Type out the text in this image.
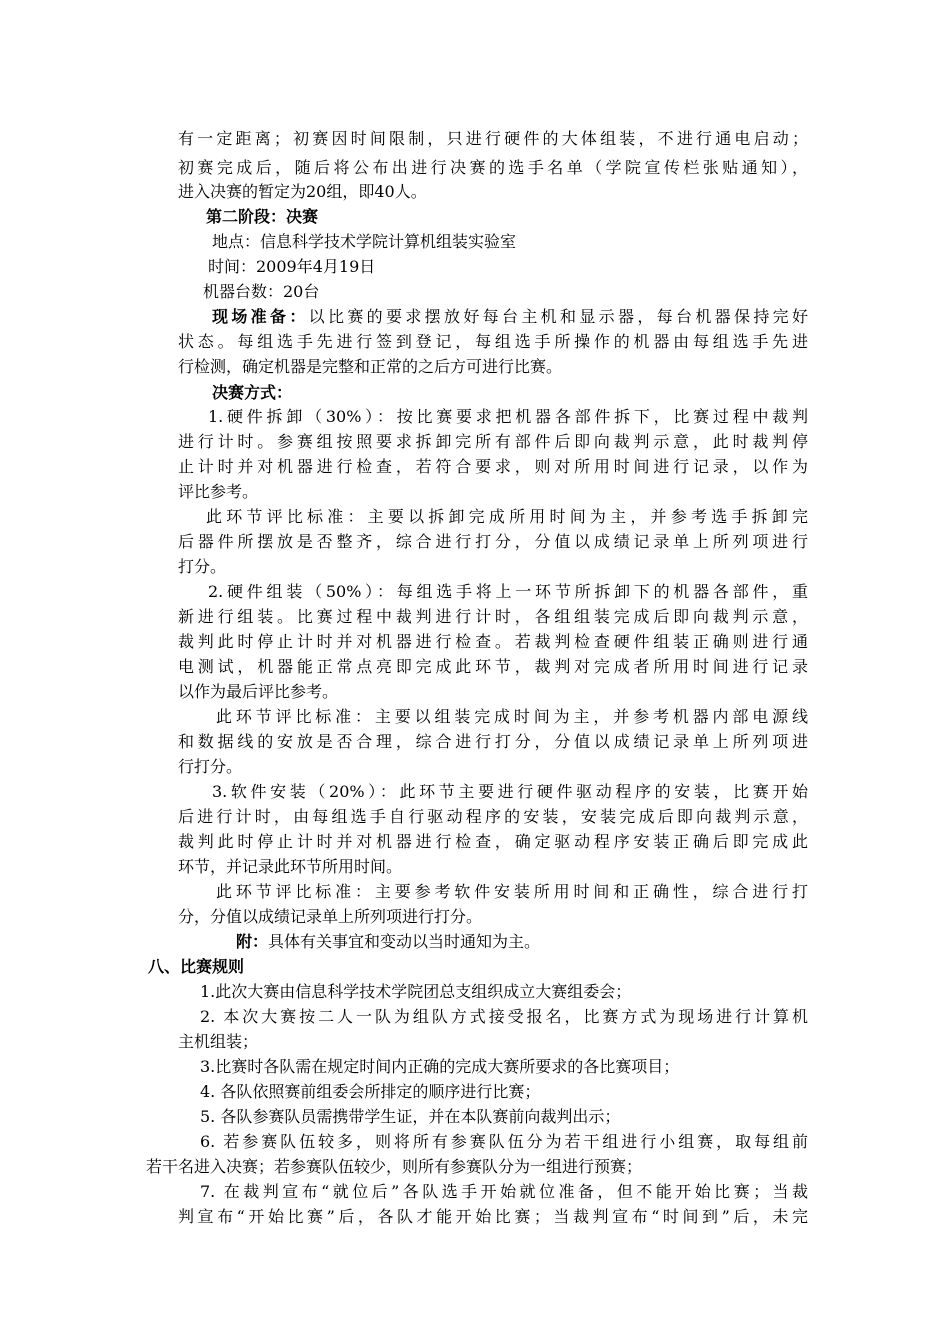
有一定距离；初赛因时间限制，只进行硬件的大体组装，不进行通电启动；
初赛完成后，随后将公布出进行决赛的选手名单（学院宣传栏张贴通知），
进入决赛的暂定为20组，即40人。
第二阶段：决赛
地点：信息科学技术学院计算机组装实验室
时间：2009年4月19日
机器台数：20台
现场准备：以比赛的要求摆放好每台主机和显示器，每台机器保持完好
状态。每组选手先进行签到登记，每组选手所操作的机器由每组选手先进
行检测，确定机器是完整和正常的之后方可进行比赛。
决赛方式：
1.硬件拆卸（30%）：按比赛要求把机器各部件拆下，比赛过程中裁判
进行计时。参赛组按照要求拆卸完所有部件后即向裁判示意，此时裁判停
止计时并对机器进行检查，若符合要求，则对所用时间进行记录，以作为
评比参考。
此环节评比标准：主要以拆卸完成所用时间为主，并参考选手拆卸完
后器件所摆放是否整齐，综合进行打分，分值以成绩记录单上所列项进行
打分。
2.硬件组装（50%）：每组选手将上一环节所拆卸下的机器各部件，重
新进行组装。比赛过程中裁判进行计时，各组组装完成后即向裁判示意，
裁判此时停止计时并对机器进行检查。若裁判检查硬件组装正确则进行通
电测试，机器能正常点亮即完成此环节，裁判对完成者所用时间进行记录
以作为最后评比参考。
此环节评比标准：主要以组装完成时间为主，并参考机器内部电源线
和数据线的安放是否合理，综合进行打分，分值以成绩记录单上所列项进
行打分。
3.软件安装（20%）：此环节主要进行硬件驱动程序的安装，比赛开始
后进行计时，由每组选手自行驱动程序的安装，安装完成后即向裁判示意，
裁判此时停止计时并对机器进行检查，确定驱动程序安装正确后即完成此
环节，并记录此环节所用时间。
此环节评比标准：主要参考软件安装所用时间和正确性，综合进行打
分，分值以成绩记录单上所列项进行打分。
附：具体有关事宜和变动以当时通知为主。
八、比赛规则
1.此次大赛由信息科学技术学院团总支组织成立大赛组委会；
2. 本次大赛按二人一队为组队方式接受报名，比赛方式为现场进行计算机
主机组装；
3.比赛时各队需在规定时间内正确的完成大赛所要求的各比赛项目；
4. 各队依照赛前组委会所排定的顺序进行比赛；
5. 各队参赛队员需携带学生证，并在本队赛前向裁判出示；
6. 若参赛队伍较多，则将所有参赛队伍分为若干组进行小组赛，取每组前
若干名进入决赛；若参赛队伍较少，则所有参赛队分为一组进行预赛；
7. 在裁判宣布“就位后”各队选手开始就位准备，但不能开始比赛；当裁
判宣布“开始比赛”后，各队才能开始比赛；当裁判宣布“时间到”后，未完
